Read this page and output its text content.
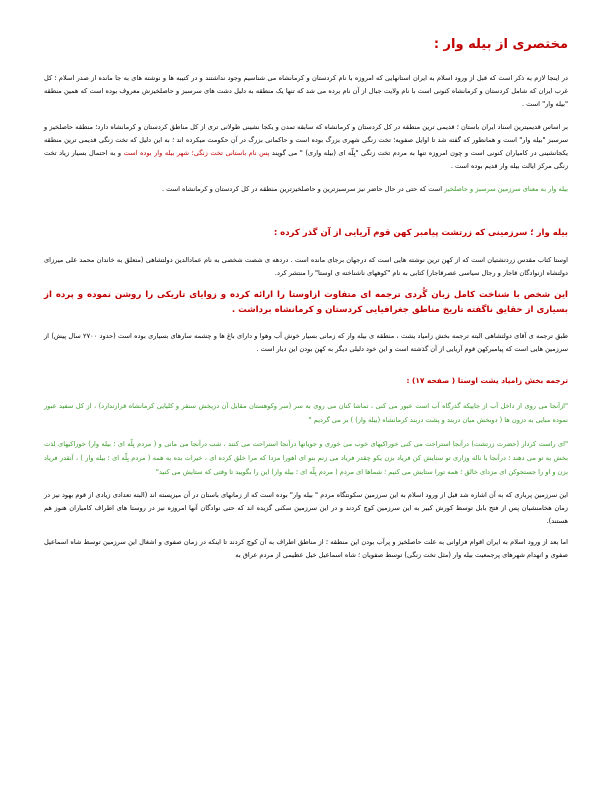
مختصری از بیله وار :

در اینجا لازم به ذکر است که قبل از ورود اسلام به ایران استانهایی که امروزه با نام کردستان و کرمانشاه می شناسیم وجود نداشتند و در کتیبه ها و نوشته های به جا مانده از صدر اسلام ؛ کل غرب ایران که شامل کردستان و کرمانشاه کنونی است با نام ولایت جبال از آن نام برده می شد که تنها یک منطقه به دلیل دشت های سرسبز و حاصلخیزش معروف بوده است که همین منطقه "بیله وار" است .

بر اساس قدیمیترین اسناد ایران باستان ؛ قدیمی ترین منطقه در کل کردستان و کرمانشاه که سابقه تمدن و یکجا نشینی طولانی تری از کل مناطق کردستان و کرمانشاه دارد؛ منطقه حاصلخیز و سرسبز "بیله وار" است و همانطور که گفته شد تا اوایل صفویه؛ تخت زنگی شهری بزرگ بوده است و حاکمانی بزرگ در آن حکومت میکرده اند ؛ به این دلیل که تخت زنگی قدیمی ترین منطقه یکجانشینی در کامیاران کنونی است و چون امروزه تنها به مردم تخت زنگی "بِلّه ای (بیله واری) " می گویند پس نام باستانی تخت زنگی؛ شهر بیله وار بوده است و به احتمال بسیار زیاد تخت زنگی مرکز ایالت بیله وار قدیم بوده است .

بیله وار به معنای سرزمین سرسبز و حاصلخیز است که حتی در حال حاضر نیز سرسبزترین و حاصلخیزترین منطقه در کل کردستان و کرمانشاه است .

بیله وار ؛ سرزمینی که زرتشت پیامبر کهن قوم آریایی از آن گذر کرده :

اوستا کتاب مقدس زردتشتیان است که از کهن ترین نوشته هایی است که درجهان برجای مانده است . دردهه ی شصت شخصی به نام عمادالدین دولتشاهی (متعلق به خاندان محمد علی میرزای دولتشاه ازنوادگان قاجار و رجال سیاسی عصرقاجار) کتابی به نام "کوههای ناشناخته ی اوستا" را منتشر کرد.

این شخص با شناخت کامل زبان گُردی ترجمه ای متفاوت ازاوستا را ارائه کرده و زوایای تاریکی را روشن نموده و پرده از بسیاری از حقایق ناگفته تاریخ مناطق جغرافیایی کردستان و کرمانشاه برداشت .

طبق ترجمه ی آقای دولتشاهی البته ترجمه بخش زامیاد یشت ، منطقه ی بیله وار که زمانی بسیار خوش آب وهوا و دارای باغ ها و چشمه سارهای بسیاری بوده است (حدود ۲۷۰۰ سال پیش) از سرزمین هایی است که پیامبرکهن قوم آریایی از آن گذشته است و این خود دلیلی دیگر به کهن بودن این دیار است .

ترجمه بخش زامیاد یشت اوستا ( صفحه ۱۷) :

"ازآنجا می روی از داخل آب از جاییکه گذرگاه آب است عبور می کنی ، تماشا کنان می روی به سر (سر وکوهستان مقابل آن دریخش سنقر و کلیایی کرمانشاه قرارندارد) ، از کل سفید عبور نموده مبایی به دزون ها ( دوبخش میان دربند و پشت دربند کرمانشاه (بیله وار) ) بر می گردیم "

"ای راست کردار (حضرت زرتشت) درآنجا استراحت می کنی خوراکیهای خوب می خوری و جویانها درآنجا استراحت می کنند ، شب درآنجا می مانی و ( مردم بِلّه ای ؛ بیله وار) خوراکیهای لذت بخش به تو می دهند ؛ درآنجا با ناله وزاری تو ستایش کن فریاد بزن یکو چقدر فریاد می زنم بنو ای اهورا مزدا که مرا خلق کرده ای ، خیرات بده به همه ( مردم بِلّه ای ؛ بیله وار ) ، آنقدر فریاد بزن و او را جستجوکن ای مزدای خالق ؛ همه تورا ستایش می کنیم ؛ شماها ای مردم ( مردم بِلّه ای ؛ بیله وار) این را بگویید تا وقتی که ستایش می کنید"

این سرزمین پرباری که به آن اشاره شد قبل از ورود اسلام به این سرزمین سکونتگاه مردم " بیله وار" بوده است که از زمانهای باستان در آن میزیسته اند (البته تعدادی زیادی از قوم بهود نیز در زمان هخامنشیان پس از فتح بابل توسط کورش کبیر به این سرزمین کوچ کردند و در این سرزمین سکنی گزیده اند که حتی نوادگان آنها امروزه نیز در روستا های اطراف کامیاران هنوز هم هستند).

اما بعد از ورود اسلام به ایران اقوام فراوانی به علت حاصلخیز و پرآب بودن این منطقه ؛ از مناطق اطراف به آن کوچ کردند تا اینکه در زمان صفوی و اشغال این سرزمین توسط شاه اسماعیل صفوی و انهدام شهرهای پرجمعیت بیله وار (مثل تخت زنگی) توسط صفویان ؛ شاه اسماعیل خیل عظیمی از مردم عراق به
